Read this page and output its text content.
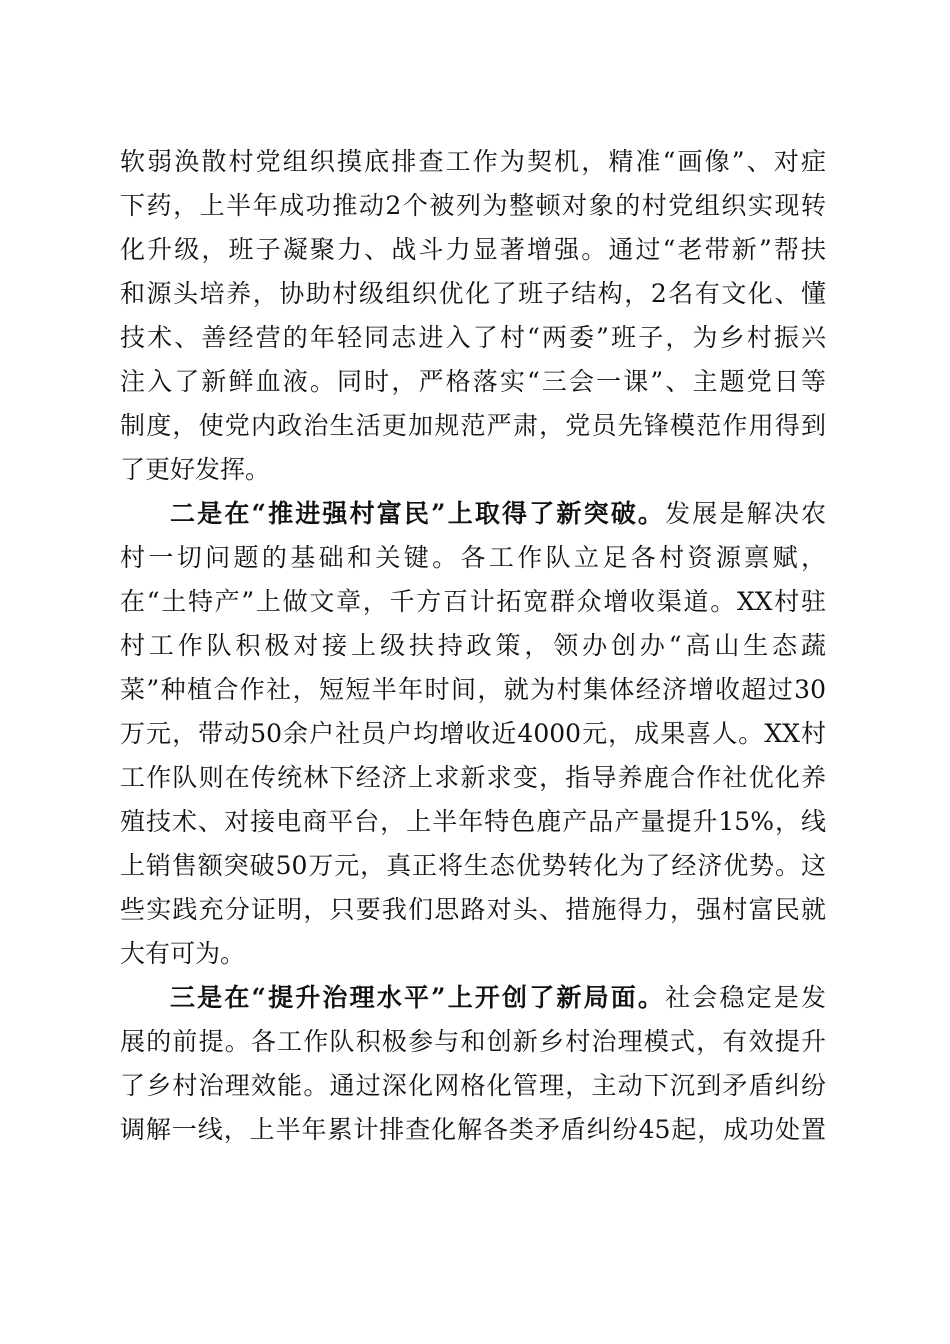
软弱涣散村党组织摸底排查工作为契机，精准“画像”、对症
下药，上半年成功推动2个被列为整顿对象的村党组织实现转
化升级，班子凝聚力、战斗力显著增强。通过“老带新”帮扶
和源头培养，协助村级组织优化了班子结构，2名有文化、懂
技术、善经营的年轻同志进入了村“两委”班子，为乡村振兴
注入了新鲜血液。同时，严格落实“三会一课”、主题党日等
制度，使党内政治生活更加规范严肃，党员先锋模范作用得到
了更好发挥。
二是在“推进强村富民”上取得了新突破。发展是解决农
村一切问题的基础和关键。各工作队立足各村资源禀赋，
在“土特产”上做文章，千方百计拓宽群众增收渠道。XX村驻
村工作队积极对接上级扶持政策，领办创办“高山生态蔬
菜”种植合作社，短短半年时间，就为村集体经济增收超过30
万元，带动50余户社员户均增收近4000元，成果喜人。XX村
工作队则在传统林下经济上求新求变，指导养鹿合作社优化养
殖技术、对接电商平台，上半年特色鹿产品产量提升15%，线
上销售额突破50万元，真正将生态优势转化为了经济优势。这
些实践充分证明，只要我们思路对头、措施得力，强村富民就
大有可为。
三是在“提升治理水平”上开创了新局面。社会稳定是发
展的前提。各工作队积极参与和创新乡村治理模式，有效提升
了乡村治理效能。通过深化网格化管理，主动下沉到矛盾纠纷
调解一线，上半年累计排查化解各类矛盾纠纷45起，成功处置
